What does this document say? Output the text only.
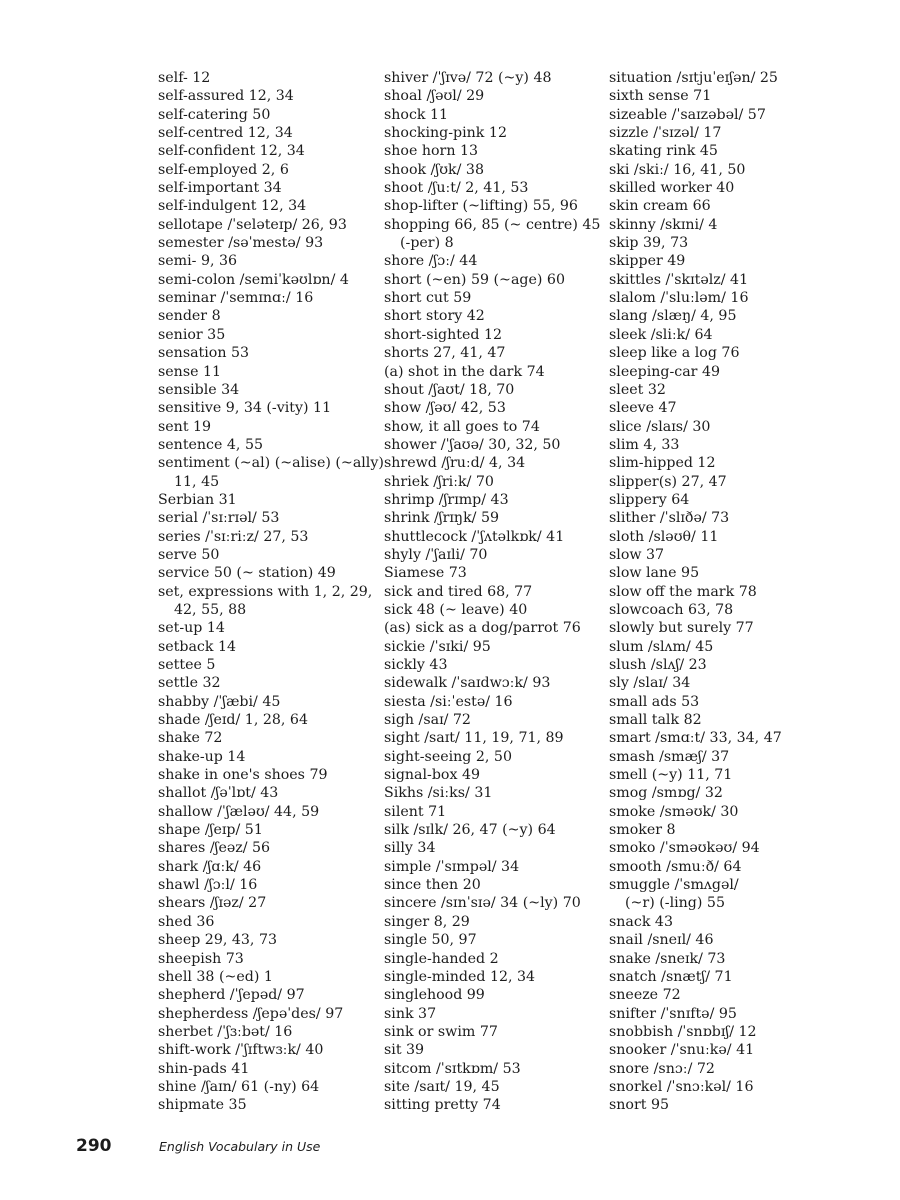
self- 12
self-assured 12, 34
self-catering 50
self-centred 12, 34
self-confident 12, 34
self-employed 2, 6
self-important 34
self-indulgent 12, 34
sellotape /ˈseləteɪp/ 26, 93
semester /səˈmestə/ 93
semi- 9, 36
semi-colon /semiˈkəʊlɒn/ 4
seminar /ˈsemɪnɑː/ 16
sender 8
senior 35
sensation 53
sense 11
sensible 34
sensitive 9, 34 (-vity) 11
sent 19
sentence 4, 55
sentiment (~al) (~alise) (~ally)
11, 45
Serbian 31
serial /ˈsɪːrɪəl/ 53
series /ˈsɪːriːz/ 27, 53
serve 50
service 50 (~ station) 49
set, expressions with 1, 2, 29,
42, 55, 88
set-up 14
setback 14
settee 5
settle 32
shabby /ˈʃæbi/ 45
shade /ʃeɪd/ 1, 28, 64
shake 72
shake-up 14
shake in one's shoes 79
shallot /ʃəˈlɒt/ 43
shallow /ˈʃæləʊ/ 44, 59
shape /ʃeɪp/ 51
shares /ʃeəz/ 56
shark /ʃɑːk/ 46
shawl /ʃɔːl/ 16
shears /ʃɪəz/ 27
shed 36
sheep 29, 43, 73
sheepish 73
shell 38 (~ed) 1
shepherd /ˈʃepəd/ 97
shepherdess /ʃepəˈdes/ 97
sherbet /ˈʃɜːbət/ 16
shift-work /ˈʃɪftwɜːk/ 40
shin-pads 41
shine /ʃaɪn/ 61 (-ny) 64
shipmate 35
shiver /ˈʃɪvə/ 72 (~y) 48
shoal /ʃəʊl/ 29
shock 11
shocking-pink 12
shoe horn 13
shook /ʃʊk/ 38
shoot /ʃuːt/ 2, 41, 53
shop-lifter (~lifting) 55, 96
shopping 66, 85 (~ centre) 45
(-per) 8
shore /ʃɔː/ 44
short (~en) 59 (~age) 60
short cut 59
short story 42
short-sighted 12
shorts 27, 41, 47
(a) shot in the dark 74
shout /ʃaʊt/ 18, 70
show /ʃəʊ/ 42, 53
show, it all goes to 74
shower /ˈʃaʊə/ 30, 32, 50
shrewd /ʃruːd/ 4, 34
shriek /ʃriːk/ 70
shrimp /ʃrɪmp/ 43
shrink /ʃrɪŋk/ 59
shuttlecock /ˈʃʌtəlkɒk/ 41
shyly /ˈʃaɪli/ 70
Siamese 73
sick and tired 68, 77
sick 48 (~ leave) 40
(as) sick as a dog/parrot 76
sickie /ˈsɪki/ 95
sickly 43
sidewalk /ˈsaɪdwɔːk/ 93
siesta /siːˈestə/ 16
sigh /saɪ/ 72
sight /saɪt/ 11, 19, 71, 89
sight-seeing 2, 50
signal-box 49
Sikhs /siːks/ 31
silent 71
silk /sɪlk/ 26, 47 (~y) 64
silly 34
simple /ˈsɪmpəl/ 34
since then 20
sincere /sɪnˈsɪə/ 34 (~ly) 70
singer 8, 29
single 50, 97
single-handed 2
single-minded 12, 34
singlehood 99
sink 37
sink or swim 77
sit 39
sitcom /ˈsɪtkɒm/ 53
site /saɪt/ 19, 45
sitting pretty 74
situation /sɪtjuˈeɪʃən/ 25
sixth sense 71
sizeable /ˈsaɪzəbəl/ 57
sizzle /ˈsɪzəl/ 17
skating rink 45
ski /skiː/ 16, 41, 50
skilled worker 40
skin cream 66
skinny /skɪni/ 4
skip 39, 73
skipper 49
skittles /ˈskɪtəlz/ 41
slalom /ˈsluːləm/ 16
slang /slæŋ/ 4, 95
sleek /sliːk/ 64
sleep like a log 76
sleeping-car 49
sleet 32
sleeve 47
slice /slaɪs/ 30
slim 4, 33
slim-hipped 12
slipper(s) 27, 47
slippery 64
slither /ˈslɪðə/ 73
sloth /sləʊθ/ 11
slow 37
slow lane 95
slow off the mark 78
slowcoach 63, 78
slowly but surely 77
slum /slʌm/ 45
slush /slʌʃ/ 23
sly /slaɪ/ 34
small ads 53
small talk 82
smart /smɑːt/ 33, 34, 47
smash /smæʃ/ 37
smell (~y) 11, 71
smog /smɒg/ 32
smoke /sməʊk/ 30
smoker 8
smoko /ˈsməʊkəʊ/ 94
smooth /smuːð/ 64
smuggle /ˈsmʌgəl/
(~r) (-ling) 55
snack 43
snail /sneɪl/ 46
snake /sneɪk/ 73
snatch /snætʃ/ 71
sneeze 72
snifter /ˈsnɪftə/ 95
snobbish /ˈsnɒbɪʃ/ 12
snooker /ˈsnuːkə/ 41
snore /snɔː/ 72
snorkel /ˈsnɔːkəl/ 16
snort 95
290	English Vocabulary in Use
